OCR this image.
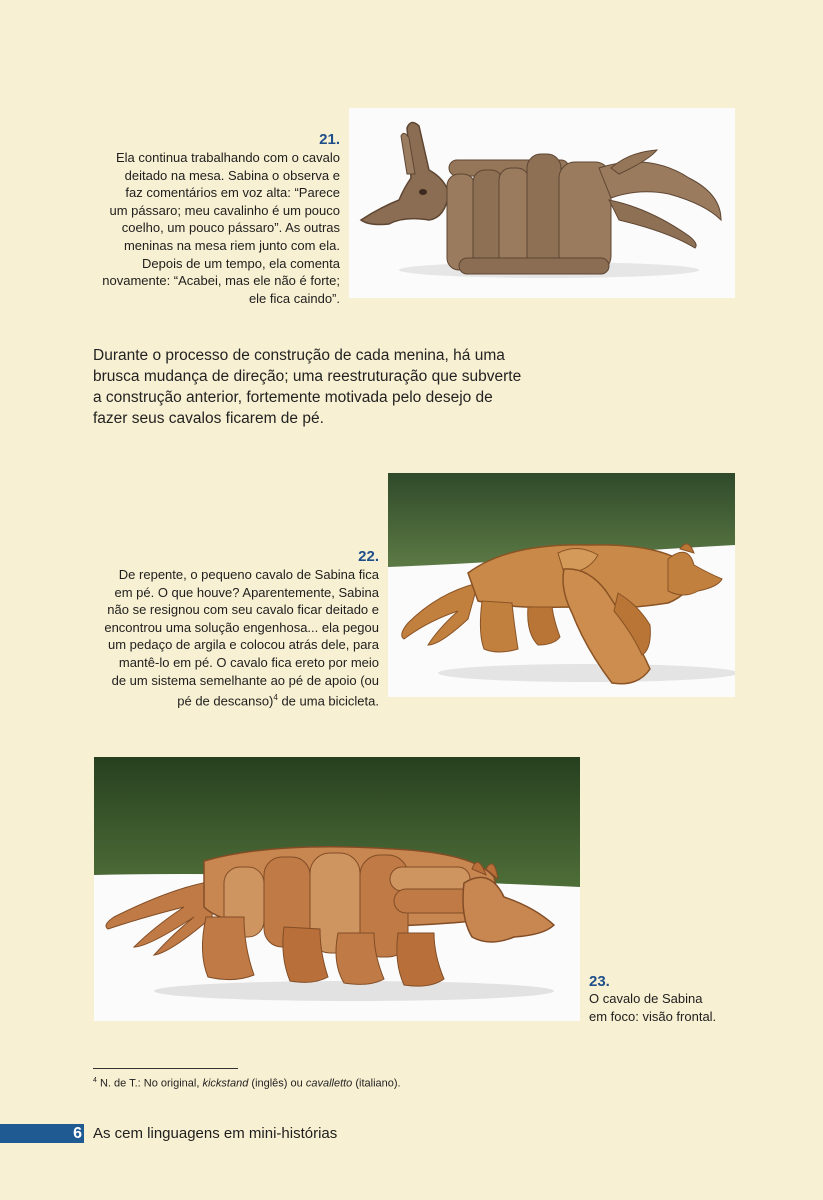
21.
Ela continua trabalhando com o cavalo
deitado na mesa. Sabina o observa e
faz comentários em voz alta: “Parece
um pássaro; meu cavalinho é um pouco
coelho, um pouco pássaro”. As outras
meninas na mesa riem junto com ela.
Depois de um tempo, ela comenta
novamente: “Acabei, mas ele não é forte;
ele fica caindo”.
Durante o processo de construção de cada menina, há uma
brusca mudança de direção; uma reestruturação que subverte
a construção anterior, fortemente motivada pelo desejo de
fazer seus cavalos ficarem de pé.
22.
De repente, o pequeno cavalo de Sabina fica
em pé. O que houve? Aparentemente, Sabina
não se resignou com seu cavalo ficar deitado e
encontrou uma solução engenhosa... ela pegou
um pedaço de argila e colocou atrás dele, para
mantê-lo em pé. O cavalo fica ereto por meio
de um sistema semelhante ao pé de apoio (ou
pé de descanso)$^4$ de uma bicicleta.
23.
O cavalo de Sabina
em foco: visão frontal.
$^4$ N. de T.: No original, kickstand (inglês) ou cavalletto (italiano).
6 As cem linguagens em mini-histórias
